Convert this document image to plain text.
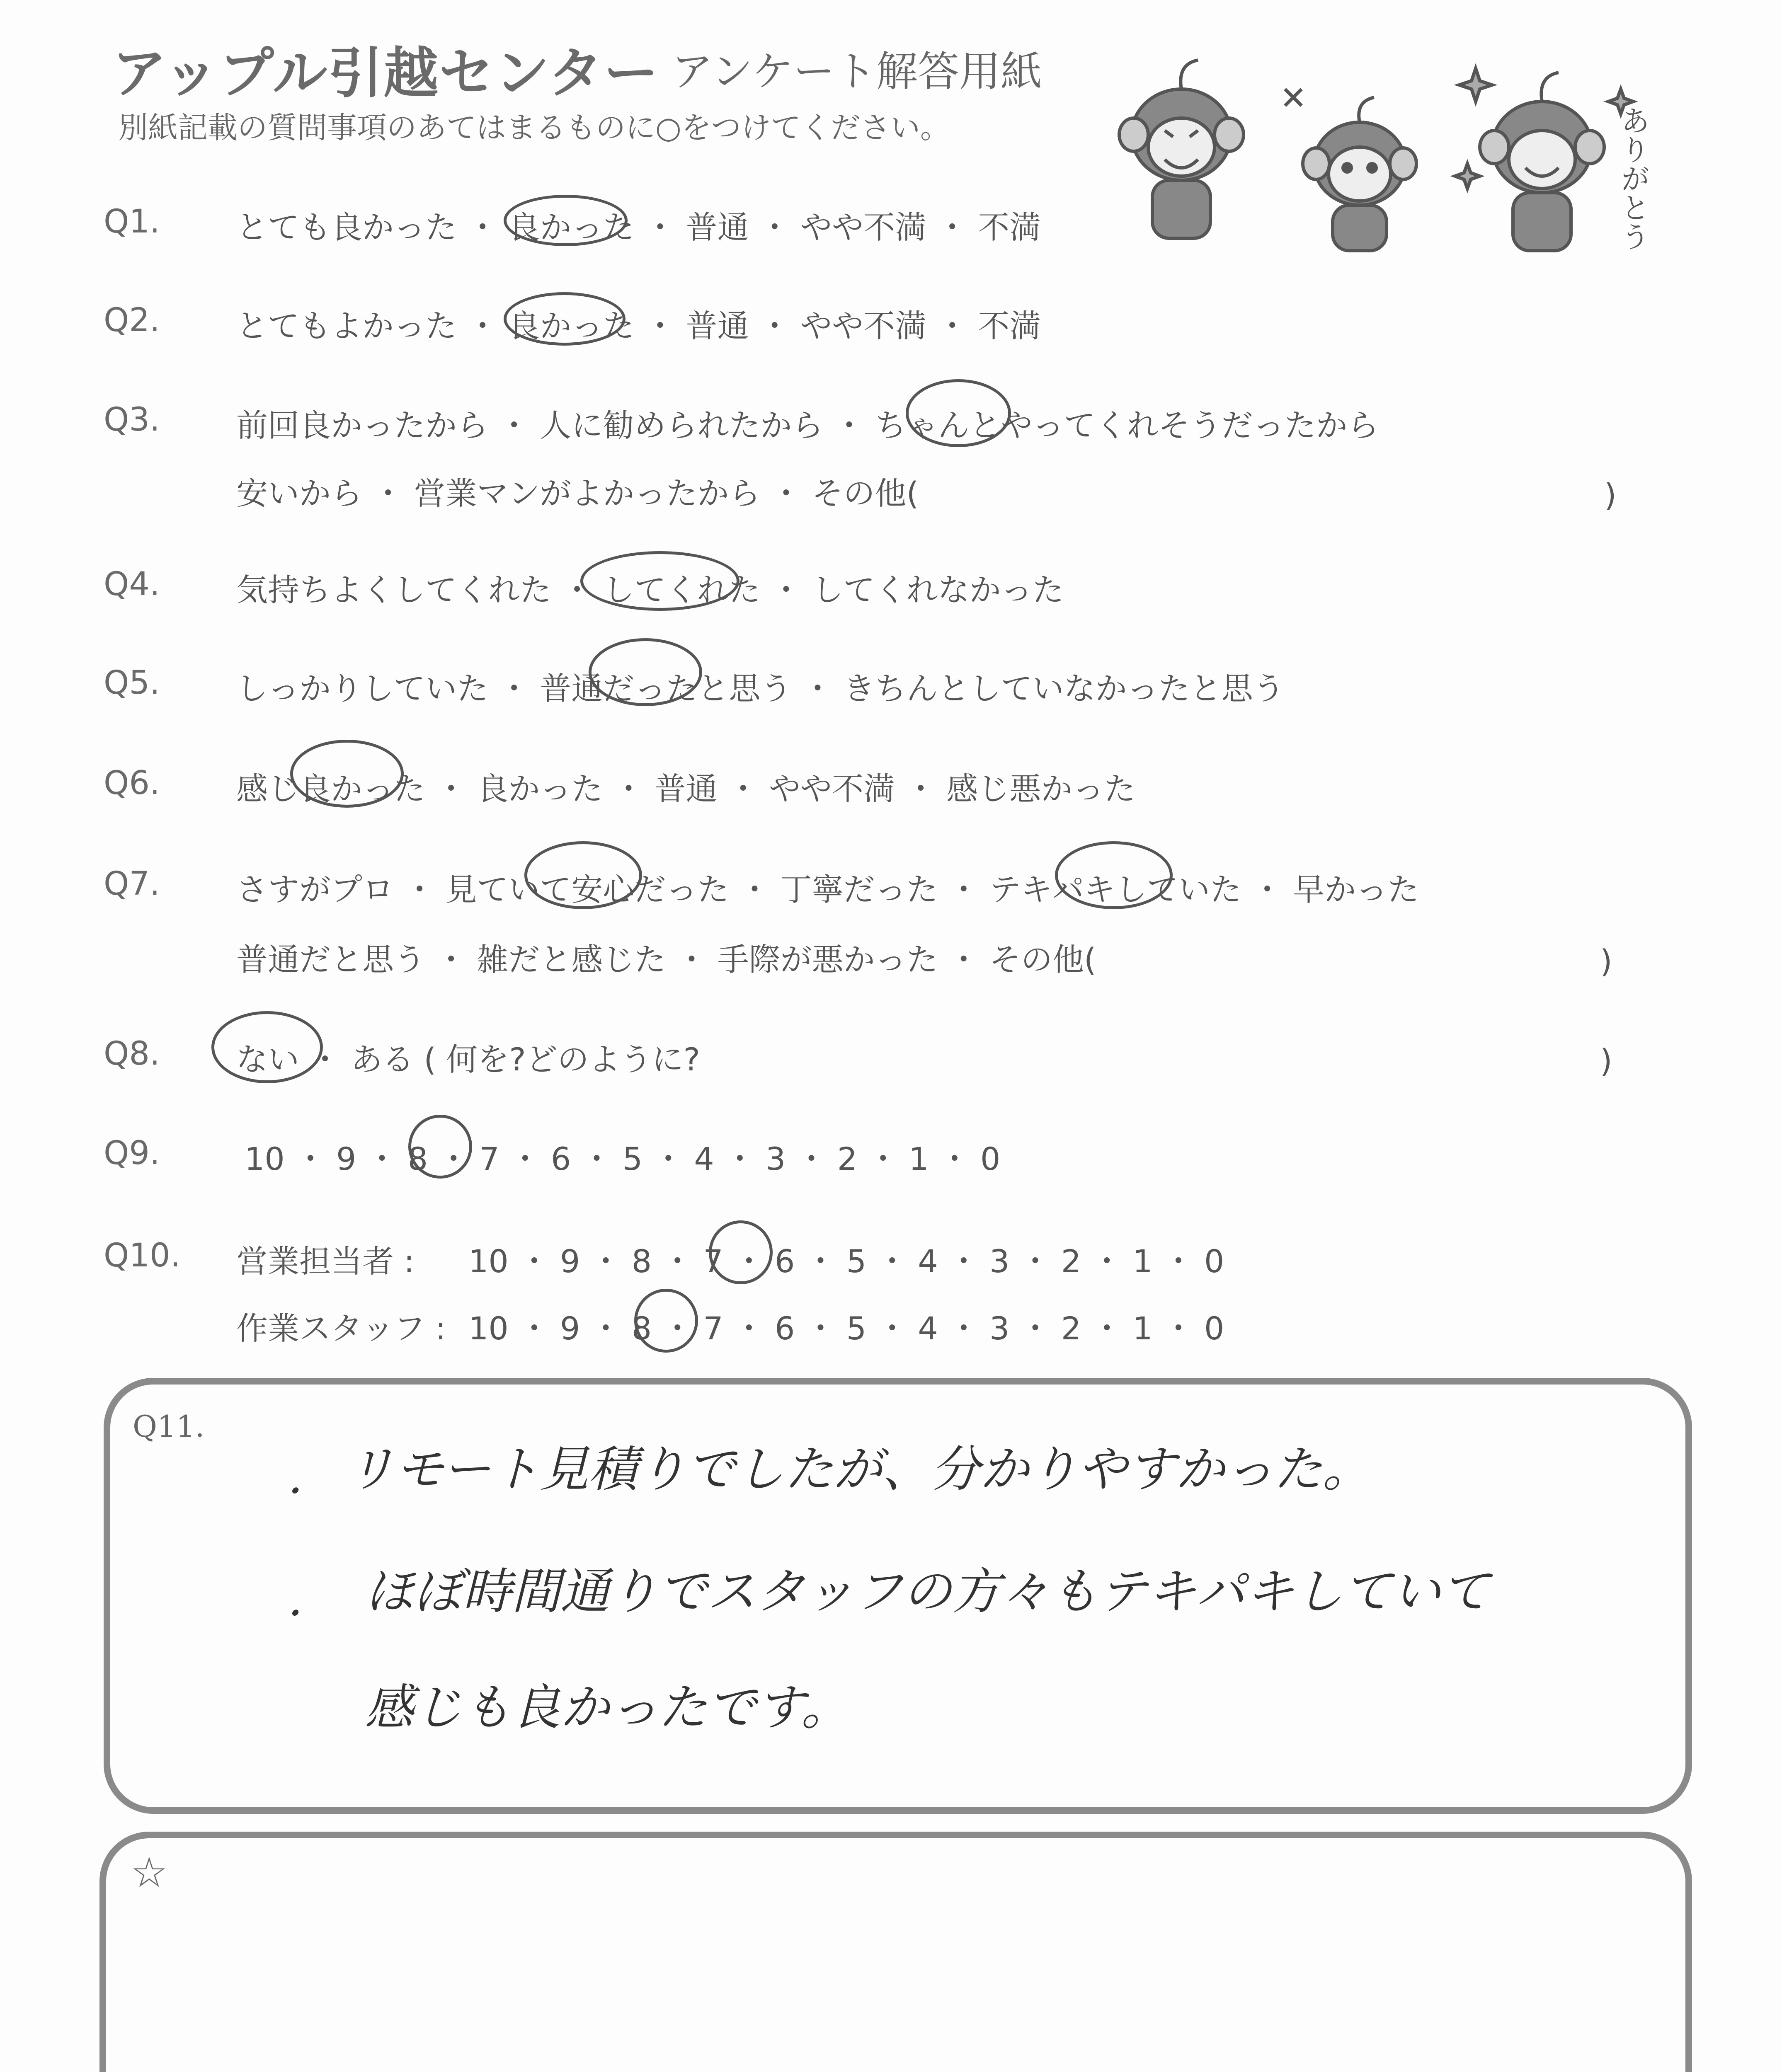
アップル引越センター アンケート解答用紙
別紙記載の質問事項のあてはまるものに○をつけてください。	ありがとう
Q1. とても良かった ・ 良かった ・ 普通 ・ やや不満 ・ 不満
Q2. とてもよかった ・ 良かった ・ 普通 ・ やや不満 ・ 不満
Q3. 前回良かったから ・ 人に勧められたから ・ ちゃんとやってくれそうだったから
安いから ・ 営業マンがよかったから ・ その他(	)
Q4. 気持ちよくしてくれた ・ してくれた ・ してくれなかった
Q5. しっかりしていた ・ 普通だったと思う ・ きちんとしていなかったと思う
Q6. 感じ良かった ・ 良かった ・ 普通 ・ やや不満 ・ 感じ悪かった
Q7. さすがプロ ・ 見ていて安心だった ・ 丁寧だった ・ テキパキしていた ・ 早かった
普通だと思う ・ 雑だと感じた ・ 手際が悪かった ・ その他(	)
Q8. ない ・ ある ( 何を?どのように?	)
Q9.	10 ・ 9 ・ 8 ・ 7 ・ 6 ・ 5 ・ 4 ・ 3 ・ 2 ・ 1 ・ 0
Q10. 営業担当者 : 10 ・ 9 ・ 8 ・ 7 ・ 6 ・ 5 ・ 4 ・ 3 ・ 2 ・ 1 ・ 0
作業スタッフ : 10 ・ 9 ・ 8 ・ 7 ・ 6 ・ 5 ・ 4 ・ 3 ・ 2 ・ 1 ・ 0
Q11.
・ リモート見積りでしたが、分かりやすかった。
・ ほぼ時間通りでスタッフの方々もテキパキしていて
感じも良かったです。
☆
